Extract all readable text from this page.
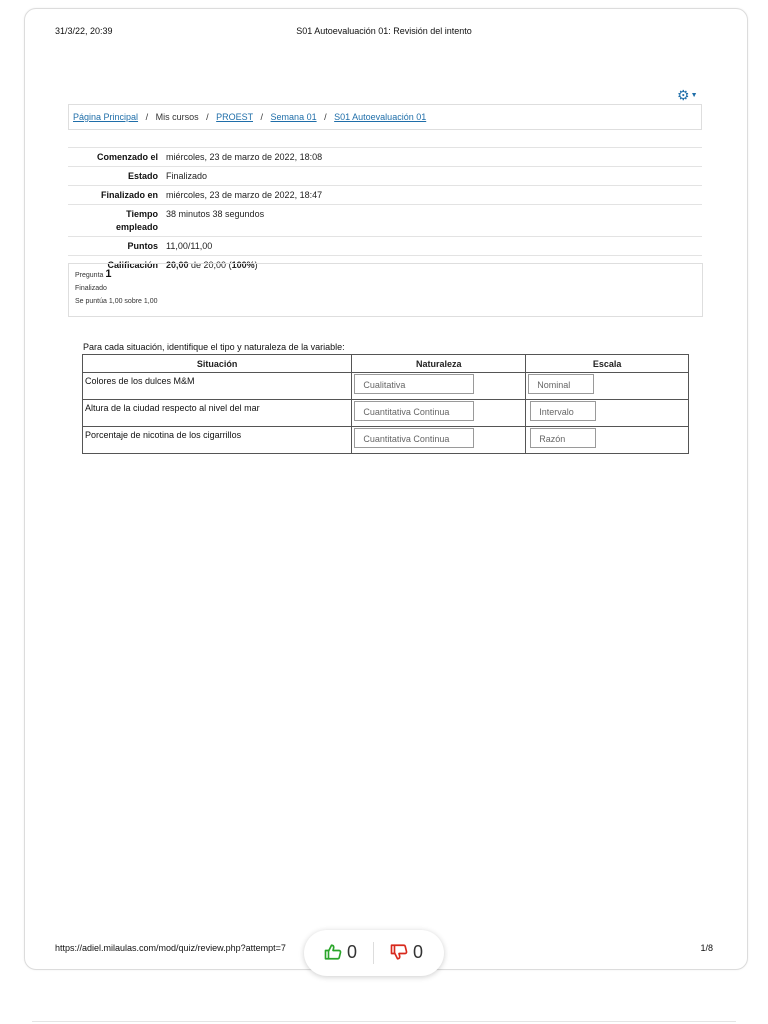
31/3/22, 20:39	S01 Autoevaluación 01: Revisión del intento
⚙▼
Página Principal / Mis cursos / PROEST / Semana 01 / S01 Autoevaluación 01
Comenzado el	miércoles, 23 de marzo de 2022, 18:08
Estado	Finalizado
Finalizado en	miércoles, 23 de marzo de 2022, 18:47
Tiempo
empleado	38 minutos 38 segundos
Puntos	11,00/11,00
Calificación	20,00 de 20,00 (100%)
Pregunta 1
Finalizado
Se puntúa 1,00 sobre 1,00
Para cada situación, identifique el tipo y naturaleza de la variable:
Situación	Naturaleza	Escala

Colores de los dulces M&M	Cualitativa	Nominal

Altura de la ciudad respecto al nivel del mar	Cuantitativa Continua	Intervalo

Porcentaje de nicotina de los cigarrillos	Cuantitativa Continua	Razón
https://adiel.milaulas.com/mod/quiz/review.php?attempt=7	1/8
0	0
